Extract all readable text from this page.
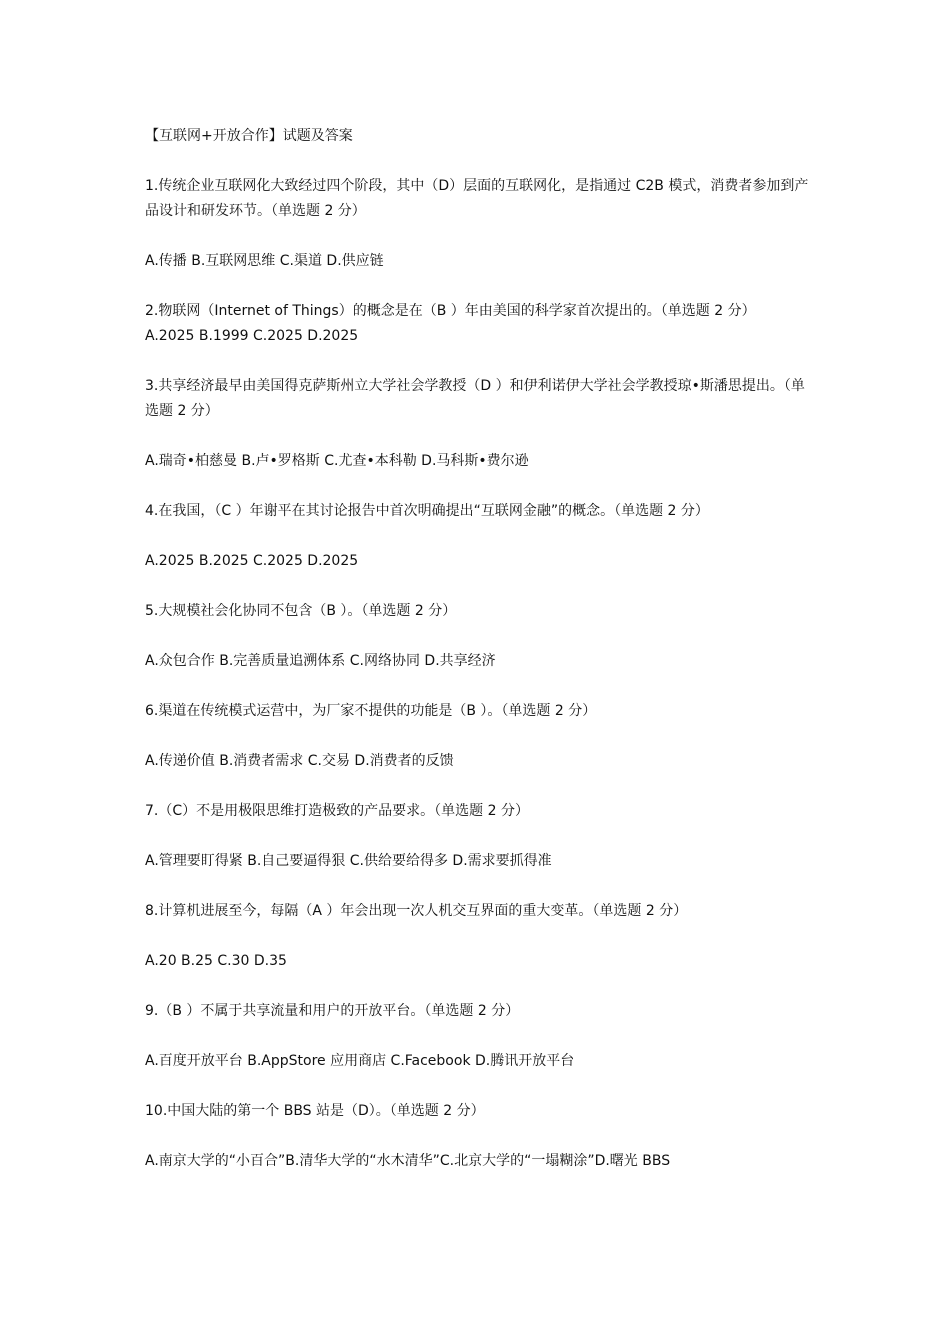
【互联网+开放合作】试题及答案

1.传统企业互联网化大致经过四个阶段，其中（D）层面的互联网化，是指通过 C2B 模式，消费者参加到产品设计和研发环节。（单选题 2 分）

A.传播 B.互联网思维 C.渠道 D.供应链

2.物联网（Internet of Things）的概念是在（B ）年由美国的科学家首次提出的。（单选题 2 分）

A.2025 B.1999 C.2025 D.2025

3.共享经济最早由美国得克萨斯州立大学社会学教授（D ）和伊利诺伊大学社会学教授琼•斯潘思提出。（单选题 2 分）

A.瑞奇•柏慈曼 B.卢•罗格斯 C.尤查•本科勒 D.马科斯•费尔逊

4.在我国，（C ）年谢平在其讨论报告中首次明确提出“互联网金融”的概念。（单选题 2 分）

A.2025 B.2025 C.2025 D.2025

5.大规模社会化协同不包含（B ）。（单选题 2 分）

A.众包合作 B.完善质量追溯体系 C.网络协同 D.共享经济

6.渠道在传统模式运营中，为厂家不提供的功能是（B ）。（单选题 2 分）

A.传递价值 B.消费者需求 C.交易 D.消费者的反馈

7.（C）不是用极限思维打造极致的产品要求。（单选题 2 分）

A.管理要盯得紧 B.自己要逼得狠 C.供给要给得多 D.需求要抓得准

8.计算机进展至今，每隔（A ）年会出现一次人机交互界面的重大变革。（单选题 2 分）

A.20 B.25 C.30 D.35

9.（B ）不属于共享流量和用户的开放平台。（单选题 2 分）

A.百度开放平台 B.AppStore 应用商店 C.Facebook D.腾讯开放平台

10.中国大陆的第一个 BBS 站是（D）。（单选题 2 分）

A.南京大学的“小百合”B.清华大学的“水木清华”C.北京大学的“一塌糊涂”D.曙光 BBS
